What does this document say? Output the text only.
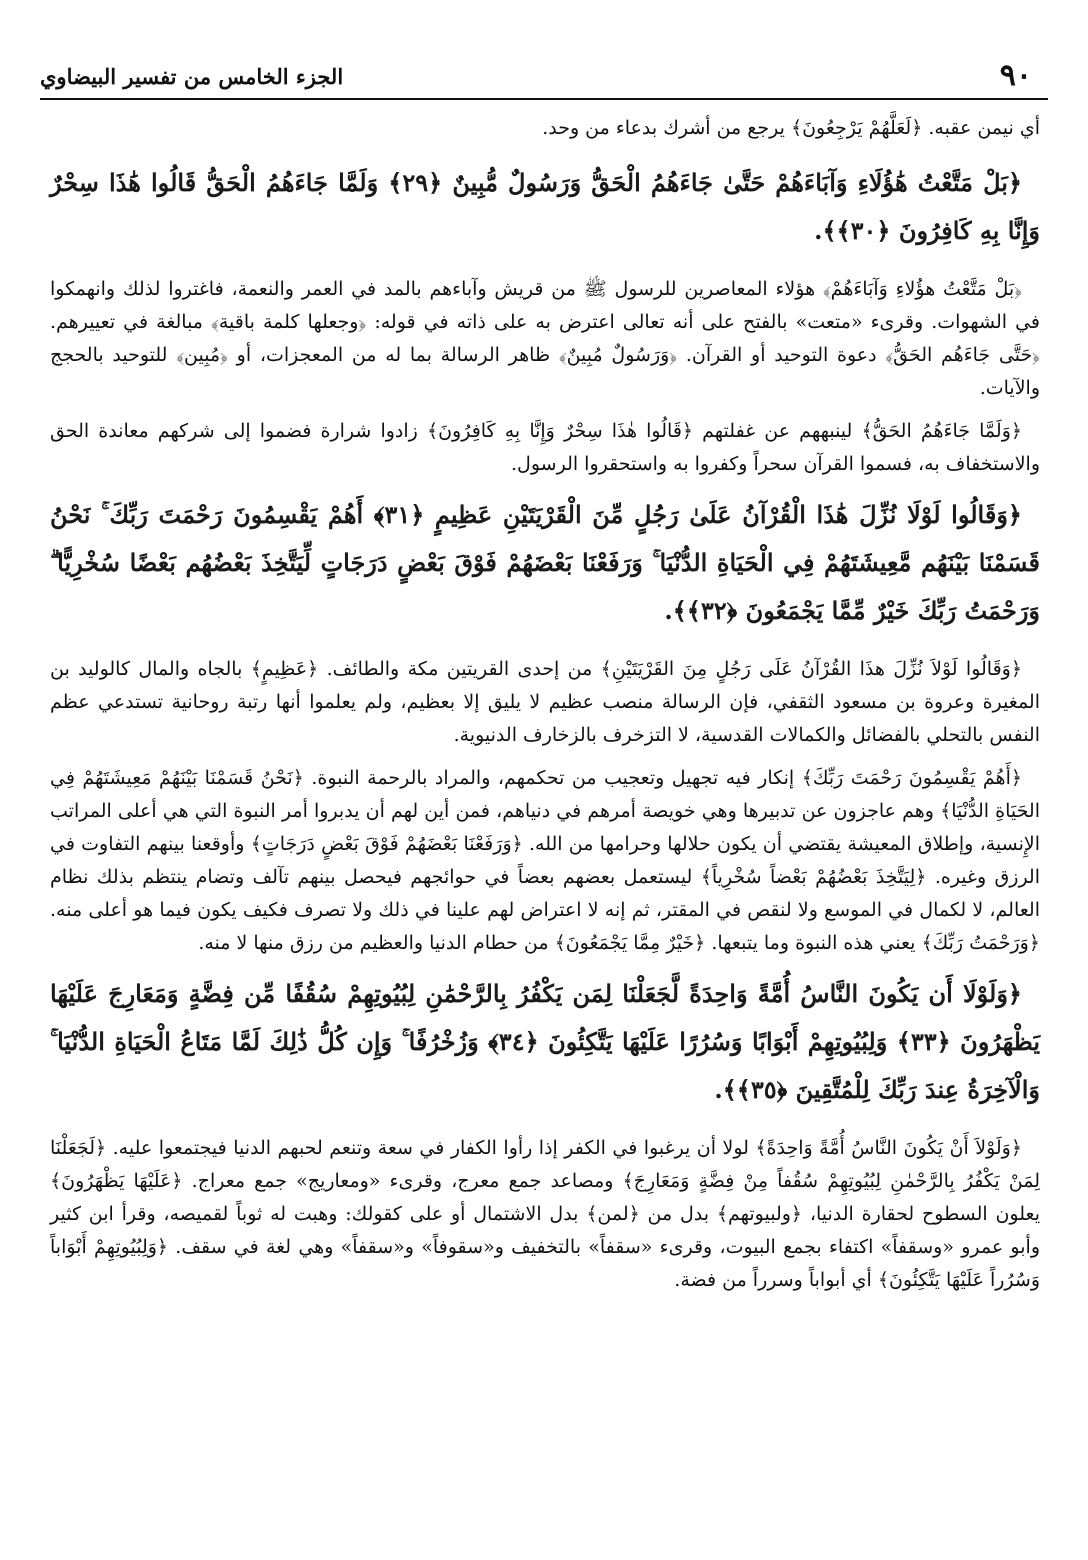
٩٠
الجزء الخامس من تفسير البيضاوي

أي نيمن عقبه. ﴿لَعَلَّهُمْ يَرْجِعُونَ﴾ يرجع من أشرك بدعاء من وحد.

﴿بَلْ مَتَّعْتُ هَٰؤُلَاءِ وَآبَاءَهُمْ حَتَّىٰ جَاءَهُمُ الْحَقُّ وَرَسُولٌ مُّبِينٌ ﴿٢٩﴾ وَلَمَّا جَاءَهُمُ الْحَقُّ قَالُوا هَٰذَا سِحْرٌ وَإِنَّا بِهِ كَافِرُونَ ﴿٣٠﴾﴾.

﴿بَلْ مَتَّعْتُ هؤُلاءِ وَآبَاءَهُمْ﴾ هؤلاء المعاصرين للرسول ﷺ من قريش وآباءهم بالمد في العمر والنعمة، فاغتروا لذلك وانهمكوا في الشهوات. وقرىء «متعت» بالفتح على أنه تعالى اعترض به على ذاته في قوله: ﴿وجعلها كلمة باقية﴾ مبالغة في تعييرهم. ﴿حَتَّى جَاءَهُم الحَقُّ﴾ دعوة التوحيد أو القرآن. ﴿وَرَسُولٌ مُبِينٌ﴾ ظاهر الرسالة بما له من المعجزات، أو ﴿مُبِين﴾ للتوحيد بالحجج والآيات.

﴿وَلَمَّا جَاءَهُمُ الحَقُّ﴾ لينبههم عن غفلتهم ﴿قَالُوا هٰذَا سِحْرٌ وَإِنَّا بِهِ كَافِرُونَ﴾ زادوا شرارة فضموا إلى شركهم معاندة الحق والاستخفاف به، فسموا القرآن سحراً وكفروا به واستحقروا الرسول.

﴿وَقَالُوا لَوْلَا نُزِّلَ هَٰذَا الْقُرْآنُ عَلَىٰ رَجُلٍ مِّنَ الْقَرْيَتَيْنِ عَظِيمٍ ﴿٣١﴾ أَهُمْ يَقْسِمُونَ رَحْمَتَ رَبِّكَ ۚ نَحْنُ قَسَمْنَا بَيْنَهُم مَّعِيشَتَهُمْ فِي الْحَيَاةِ الدُّنْيَا ۚ وَرَفَعْنَا بَعْضَهُمْ فَوْقَ بَعْضٍ دَرَجَاتٍ لِّيَتَّخِذَ بَعْضُهُم بَعْضًا سُخْرِيًّا ۗ وَرَحْمَتُ رَبِّكَ خَيْرٌ مِّمَّا يَجْمَعُونَ ﴿٣٢﴾﴾.

﴿وَقَالُوا لَوْلاَ نُزِّلَ هذَا القُرْآنُ عَلَى رَجُلٍ مِنَ القَرْيَتَيْنِ﴾ من إحدى القريتين مكة والطائف. ﴿عَظِيمٍ﴾ بالجاه والمال كالوليد بن المغيرة وعروة بن مسعود الثقفي، فإن الرسالة منصب عظيم لا يليق إلا بعظيم، ولم يعلموا أنها رتبة روحانية تستدعي عظم النفس بالتحلي بالفضائل والكمالات القدسية، لا التزخرف بالزخارف الدنيوية.

﴿أَهُمْ يَقْسِمُونَ رَحْمَتَ رَبِّكَ﴾ إنكار فيه تجهيل وتعجيب من تحكمهم، والمراد بالرحمة النبوة. ﴿نَحْنُ قَسَمْنَا بَيْنَهُمْ مَعِيشَتَهُمْ فِي الحَيَاةِ الدُّنْيَا﴾ وهم عاجزون عن تدبيرها وهي خويصة أمرهم في دنياهم، فمن أين لهم أن يدبروا أمر النبوة التي هي أعلى المراتب الإِنسية، وإطلاق المعيشة يقتضي أن يكون حلالها وحرامها من الله. ﴿وَرَفَعْنَا بَعْضَهُمْ فَوْقَ بَعْضٍ دَرَجَاتٍ﴾ وأوقعنا بينهم التفاوت في الرزق وغيره. ﴿لِيَتَّخِذَ بَعْضُهُمْ بَعْضاً سُخْرِياً﴾ ليستعمل بعضهم بعضاً في حوائجهم فيحصل بينهم تآلف وتضام ينتظم بذلك نظام العالم، لا لكمال في الموسع ولا لنقص في المقتر، ثم إنه لا اعتراض لهم علينا في ذلك ولا تصرف فكيف يكون فيما هو أعلى منه. ﴿وَرَحْمَتُ رَبِّكَ﴾ يعني هذه النبوة وما يتبعها. ﴿خَيْرٌ مِمَّا يَجْمَعُونَ﴾ من حطام الدنيا والعظيم من رزق منها لا منه.

﴿وَلَوْلَا أَن يَكُونَ النَّاسُ أُمَّةً وَاحِدَةً لَّجَعَلْنَا لِمَن يَكْفُرُ بِالرَّحْمَٰنِ لِبُيُوتِهِمْ سُقُفًا مِّن فِضَّةٍ وَمَعَارِجَ عَلَيْهَا يَظْهَرُونَ ﴿٣٣﴾ وَلِبُيُوتِهِمْ أَبْوَابًا وَسُرُرًا عَلَيْهَا يَتَّكِئُونَ ﴿٣٤﴾ وَزُخْرُفًا ۚ وَإِن كُلُّ ذَٰلِكَ لَمَّا مَتَاعُ الْحَيَاةِ الدُّنْيَا ۚ وَالْآخِرَةُ عِندَ رَبِّكَ لِلْمُتَّقِينَ ﴿٣٥﴾﴾.

﴿وَلَوْلاَ أَنْ يَكُونَ النَّاسُ أُمَّةً وَاحِدَةً﴾ لولا أن يرغبوا في الكفر إذا رأوا الكفار في سعة وتنعم لحبهم الدنيا فيجتمعوا عليه. ﴿لَجَعَلْنَا لِمَنْ يَكْفُرُ بِالرَّحْمٰنِ لِبُيُوتِهِمْ سُقُفاً مِنْ فِضَّةٍ وَمَعَارِجَ﴾ ومصاعد جمع معرج، وقرىء «ومعاريج» جمع معراج. ﴿عَلَيْهَا يَظْهَرُونَ﴾ يعلون السطوح لحقارة الدنيا، ﴿ولبيوتهم﴾ بدل من ﴿لمن﴾ بدل الاشتمال أو على كقولك: وهبت له ثوباً لقميصه، وقرأ ابن كثير وأبو عمرو «وسقفاً» اكتفاء بجمع البيوت، وقرىء «سقفاً» بالتخفيف و«سقوفاً» و«سقفاً» وهي لغة في سقف. ﴿وَلِبُيُوتِهِمْ أَبْوَاباً وَسُرُراً عَلَيْهَا يَتَّكِئُونَ﴾ أي أبواباً وسرراً من فضة.
